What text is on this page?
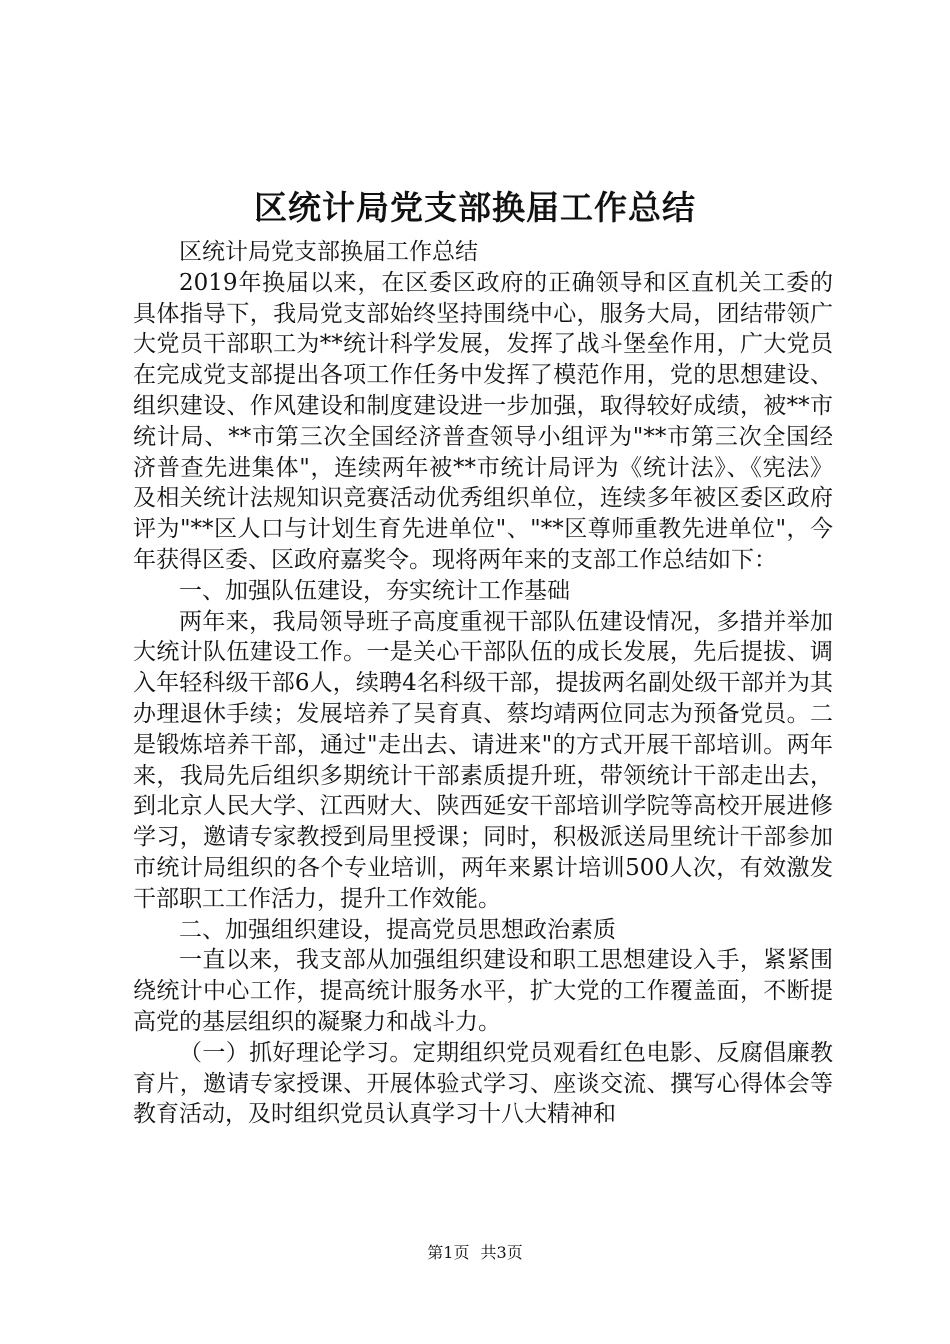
区统计局党支部换届工作总结

区统计局党支部换届工作总结

2019年换届以来，在区委区政府的正确领导和区直机关工委的具体指导下，我局党支部始终坚持围绕中心，服务大局，团结带领广大党员干部职工为**统计科学发展，发挥了战斗堡垒作用，广大党员在完成党支部提出各项工作任务中发挥了模范作用，党的思想建设、组织建设、作风建设和制度建设进一步加强，取得较好成绩，被**市统计局、**市第三次全国经济普查领导小组评为"**市第三次全国经济普查先进集体"，连续两年被**市统计局评为《统计法》、《宪法》及相关统计法规知识竞赛活动优秀组织单位，连续多年被区委区政府评为"**区人口与计划生育先进单位"、"**区尊师重教先进单位"，今年获得区委、区政府嘉奖令。现将两年来的支部工作总结如下：

一、加强队伍建设，夯实统计工作基础

两年来，我局领导班子高度重视干部队伍建设情况，多措并举加大统计队伍建设工作。一是关心干部队伍的成长发展，先后提拔、调入年轻科级干部6人，续聘4名科级干部，提拔两名副处级干部并为其办理退休手续；发展培养了吴育真、蔡均靖两位同志为预备党员。二是锻炼培养干部，通过"走出去、请进来"的方式开展干部培训。两年来，我局先后组织多期统计干部素质提升班，带领统计干部走出去，到北京人民大学、江西财大、陕西延安干部培训学院等高校开展进修学习，邀请专家教授到局里授课；同时，积极派送局里统计干部参加市统计局组织的各个专业培训，两年来累计培训500人次，有效激发干部职工工作活力，提升工作效能。

二、加强组织建设，提高党员思想政治素质

一直以来，我支部从加强组织建设和职工思想建设入手，紧紧围绕统计中心工作，提高统计服务水平，扩大党的工作覆盖面，不断提高党的基层组织的凝聚力和战斗力。

（一）抓好理论学习。定期组织党员观看红色电影、反腐倡廉教育片，邀请专家授课、开展体验式学习、座谈交流、撰写心得体会等教育活动，及时组织党员认真学习十八大精神和

第1页 共3页
